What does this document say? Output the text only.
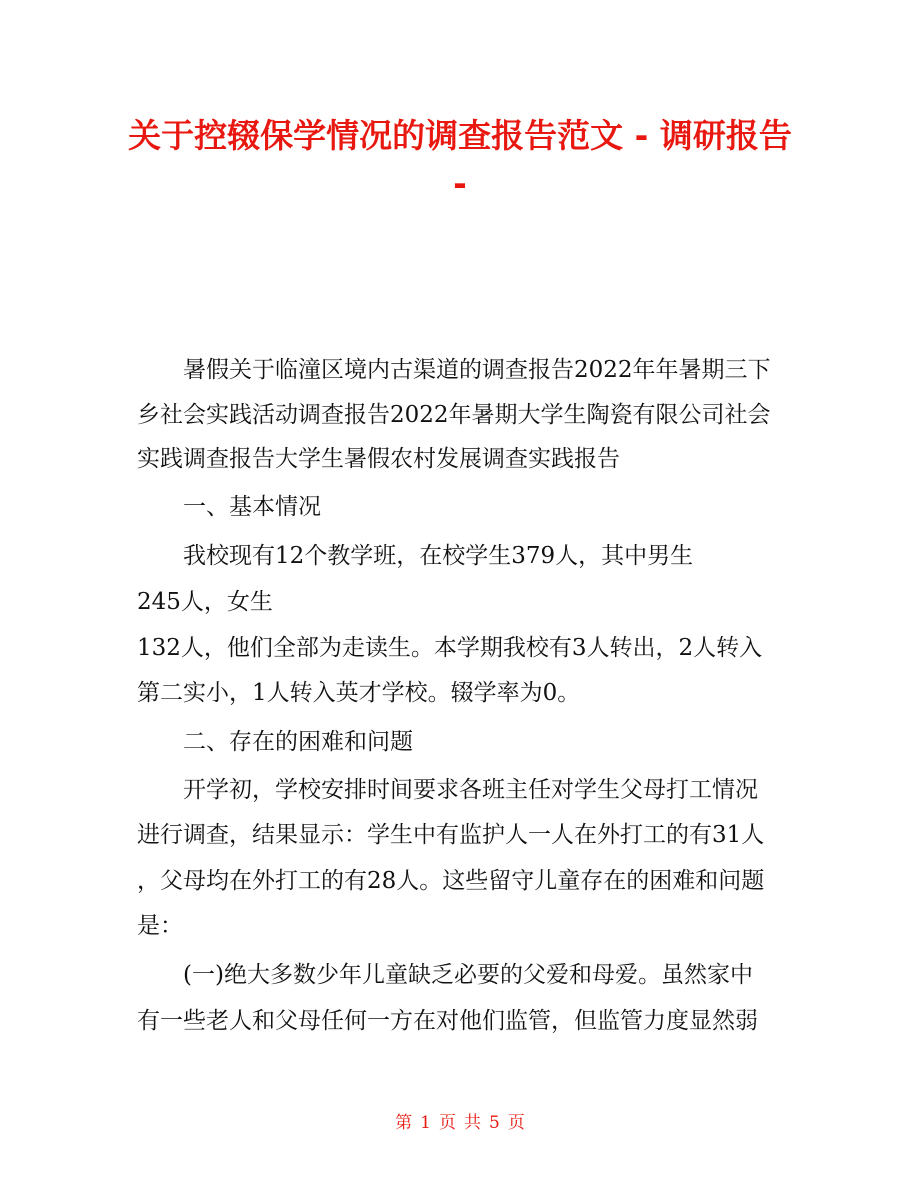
关于控辍保学情况的调查报告范文 - 调研报告
-

暑假关于临潼区境内古渠道的调查报告2022年年暑期三下

乡社会实践活动调查报告2022年暑期大学生陶瓷有限公司社会

实践调查报告大学生暑假农村发展调查实践报告

一、基本情况

我校现有12个教学班，在校学生379人，其中男生

245人，女生

132人，他们全部为走读生。本学期我校有3人转出，2人转入

第二实小，1人转入英才学校。辍学率为0。

二、存在的困难和问题

开学初，学校安排时间要求各班主任对学生父母打工情况

进行调查，结果显示：学生中有监护人一人在外打工的有31人

，父母均在外打工的有28人。这些留守儿童存在的困难和问题

是：

(一)绝大多数少年儿童缺乏必要的父爱和母爱。虽然家中

有一些老人和父母任何一方在对他们监管，但监管力度显然弱

第 1 页 共 5 页
